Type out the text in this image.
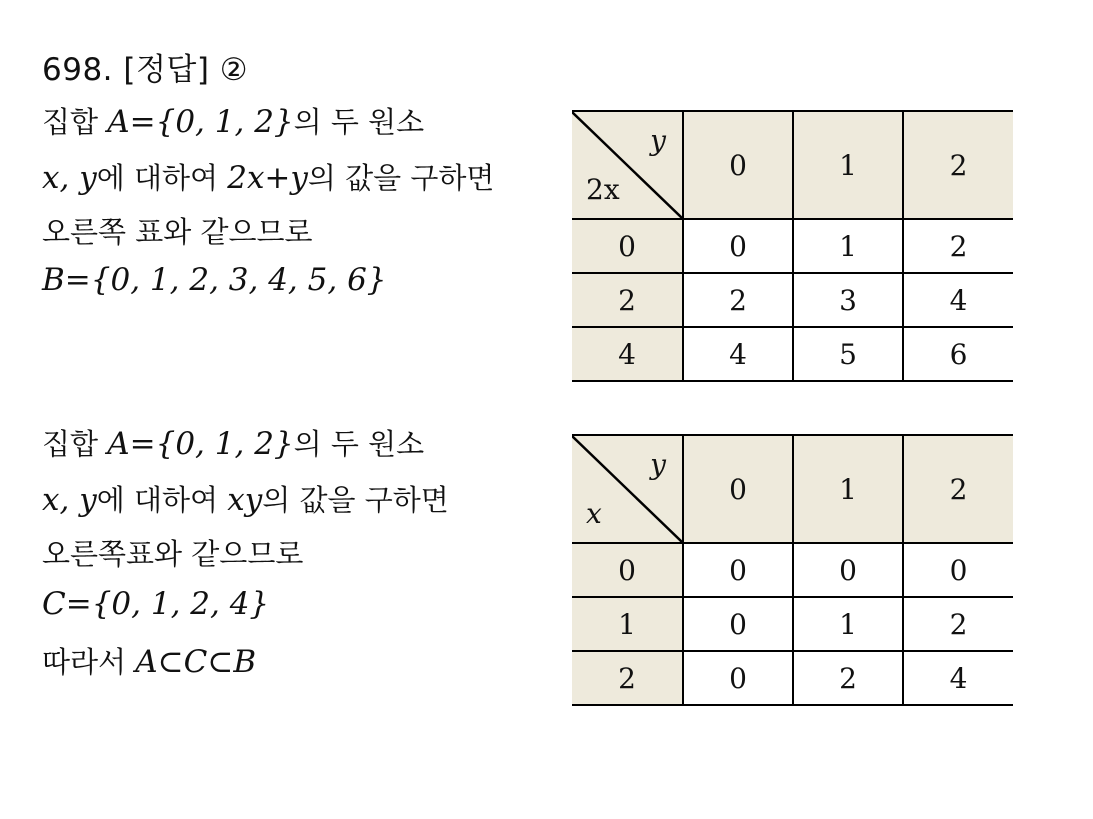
698. [정답] ②
집합 A={0, 1, 2}의 두 원소
x, y에 대하여 2x+y의 값을 구하면
오른쪽 표와 같으므로
B={0, 1, 2, 3, 4, 5, 6}
y
2x	0	1	2
0	0	1	2
2	2	3	4
4	4	5	6
집합 A={0, 1, 2}의 두 원소
x, y에 대하여 xy의 값을 구하면
오른쪽표와 같으므로
C={0, 1, 2, 4}
따라서 A⊂C⊂B
y
x	0	1	2
0	0	0	0
1	0	1	2
2	0	2	4
